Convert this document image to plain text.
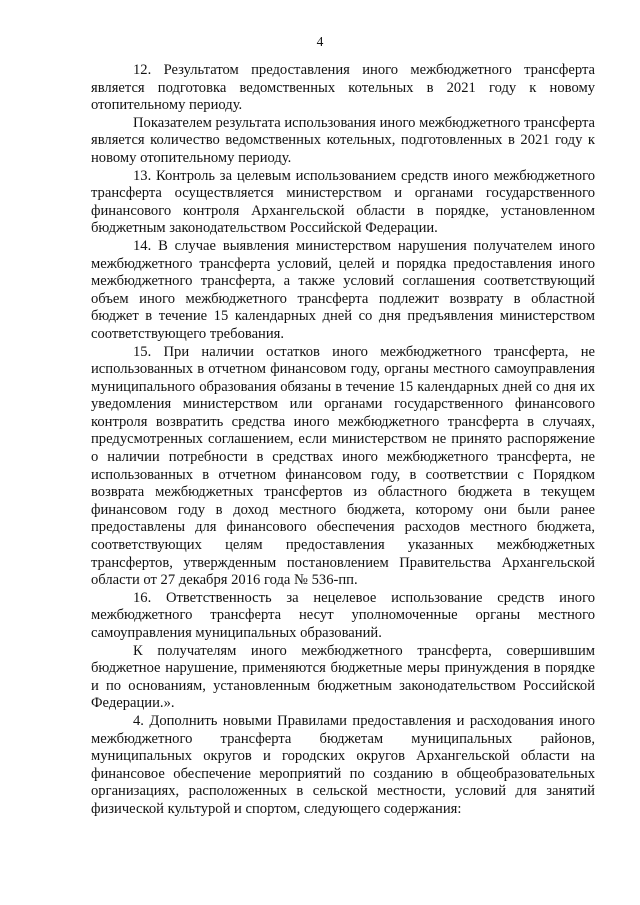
4

12. Результатом предоставления иного межбюджетного трансферта является подготовка ведомственных котельных в 2021 году к новому отопительному периоду.

Показателем результата использования иного межбюджетного трансферта является количество ведомственных котельных, подготовленных в 2021 году к новому отопительному периоду.

13. Контроль за целевым использованием средств иного межбюджетного трансферта осуществляется министерством и органами государственного финансового контроля Архангельской области в порядке, установленном бюджетным законодательством Российской Федерации.

14. В случае выявления министерством нарушения получателем иного межбюджетного трансферта условий, целей и порядка предоставления иного межбюджетного трансферта, а также условий соглашения соответствующий объем иного межбюджетного трансферта подлежит возврату в областной бюджет в течение 15 календарных дней со дня предъявления министерством соответствующего требования.

15. При наличии остатков иного межбюджетного трансферта, не использованных в отчетном финансовом году, органы местного самоуправления муниципального образования обязаны в течение 15 календарных дней со дня их уведомления министерством или органами государственного финансового контроля возвратить средства иного межбюджетного трансферта в случаях, предусмотренных соглашением, если министерством не принято распоряжение о наличии потребности в средствах иного межбюджетного трансферта, не использованных в отчетном финансовом году, в соответствии с Порядком возврата межбюджетных трансфертов из областного бюджета в текущем финансовом году в доход местного бюджета, которому они были ранее предоставлены для финансового обеспечения расходов местного бюджета, соответствующих целям предоставления указанных межбюджетных трансфертов, утвержденным постановлением Правительства Архангельской области от 27 декабря 2016 года № 536-пп.

16. Ответственность за нецелевое использование средств иного межбюджетного трансферта несут уполномоченные органы местного самоуправления муниципальных образований.

К получателям иного межбюджетного трансферта, совершившим бюджетное нарушение, применяются бюджетные меры принуждения в порядке и по основаниям, установленным бюджетным законодательством Российской Федерации.».

4. Дополнить новыми Правилами предоставления и расходования иного межбюджетного трансферта бюджетам муниципальных районов, муниципальных округов и городских округов Архангельской области на финансовое обеспечение мероприятий по созданию в общеобразовательных организациях, расположенных в сельской местности, условий для занятий физической культурой и спортом, следующего содержания:
